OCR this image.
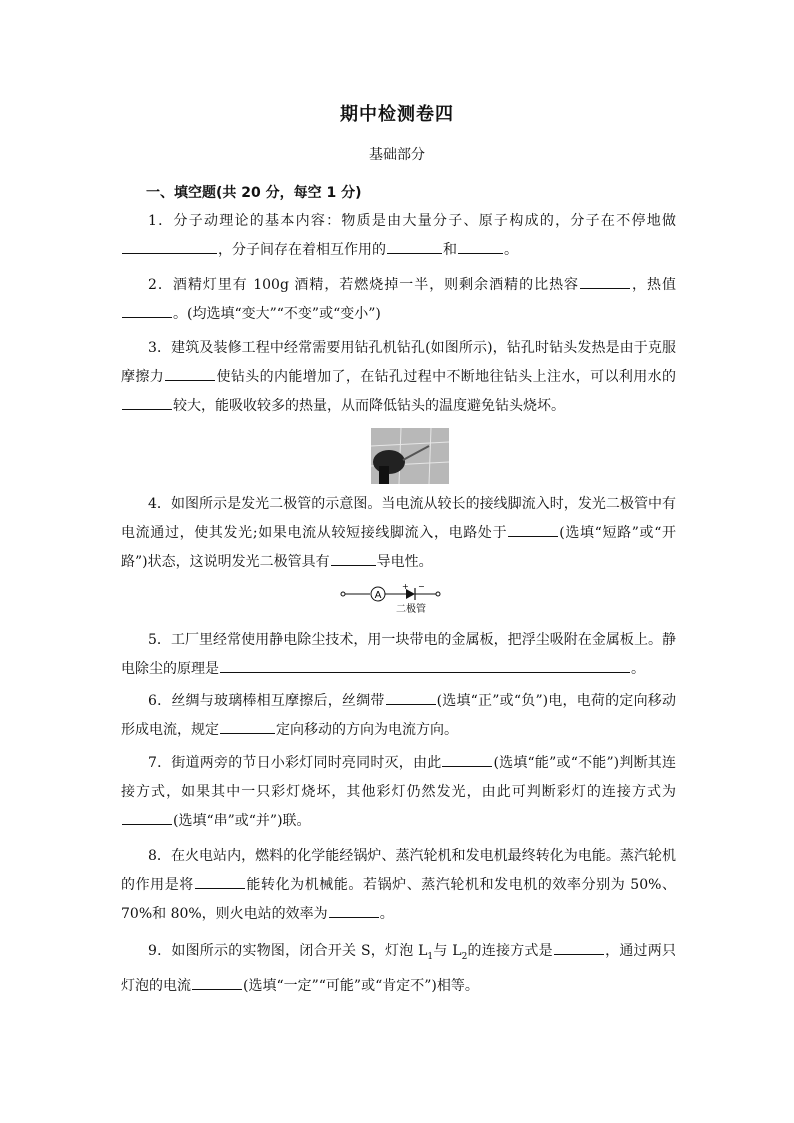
期中检测卷四
基础部分
一、填空题(共 20 分，每空 1 分)
1．分子动理论的基本内容：物质是由大量分子、原子构成的，分子在不停地做，分子间存在着相互作用的	和	。
2．酒精灯里有 100g 酒精，若燃烧掉一半，则剩余酒精的比热容	，热值。(均选填“变大”“不变”或“变小”)
3．建筑及装修工程中经常需要用钻孔机钻孔(如图所示)，钻孔时钻头发热是由于克服摩擦力	使钻头的内能增加了，在钻孔过程中不断地往钻头上注水，可以利用水的较大，能吸收较多的热量，从而降低钻头的温度避免钻头烧坏。
4．如图所示是发光二极管的示意图。当电流从较长的接线脚流入时，发光二极管中有电流通过，使其发光;如果电流从较短接线脚流入，电路处于	(选填“短路”或“开路”)状态，这说明发光二极管具有	导电性。
A
+ −
二极管
5．工厂里经常使用静电除尘技术，用一块带电的金属板，把浮尘吸附在金属板上。静电除尘的原理是	。
6．丝绸与玻璃棒相互摩擦后，丝绸带	(选填“正”或“负”)电，电荷的定向移动形成电流，规定	定向移动的方向为电流方向。
7．街道两旁的节日小彩灯同时亮同时灭，由此	(选填“能”或“不能”)判断其连接方式，如果其中一只彩灯烧坏，其他彩灯仍然发光，由此可判断彩灯的连接方式为(选填“串”或“并”)联。
8．在火电站内，燃料的化学能经锅炉、蒸汽轮机和发电机最终转化为电能。蒸汽轮机的作用是将	能转化为机械能。若锅炉、蒸汽轮机和发电机的效率分别为 50%、70%和 80%，则火电站的效率为	。
9．如图所示的实物图，闭合开关 S，灯泡 $L_1$与 $L_2$的连接方式是	，通过两只灯泡的电流	(选填“一定”“可能”或“肯定不”)相等。
